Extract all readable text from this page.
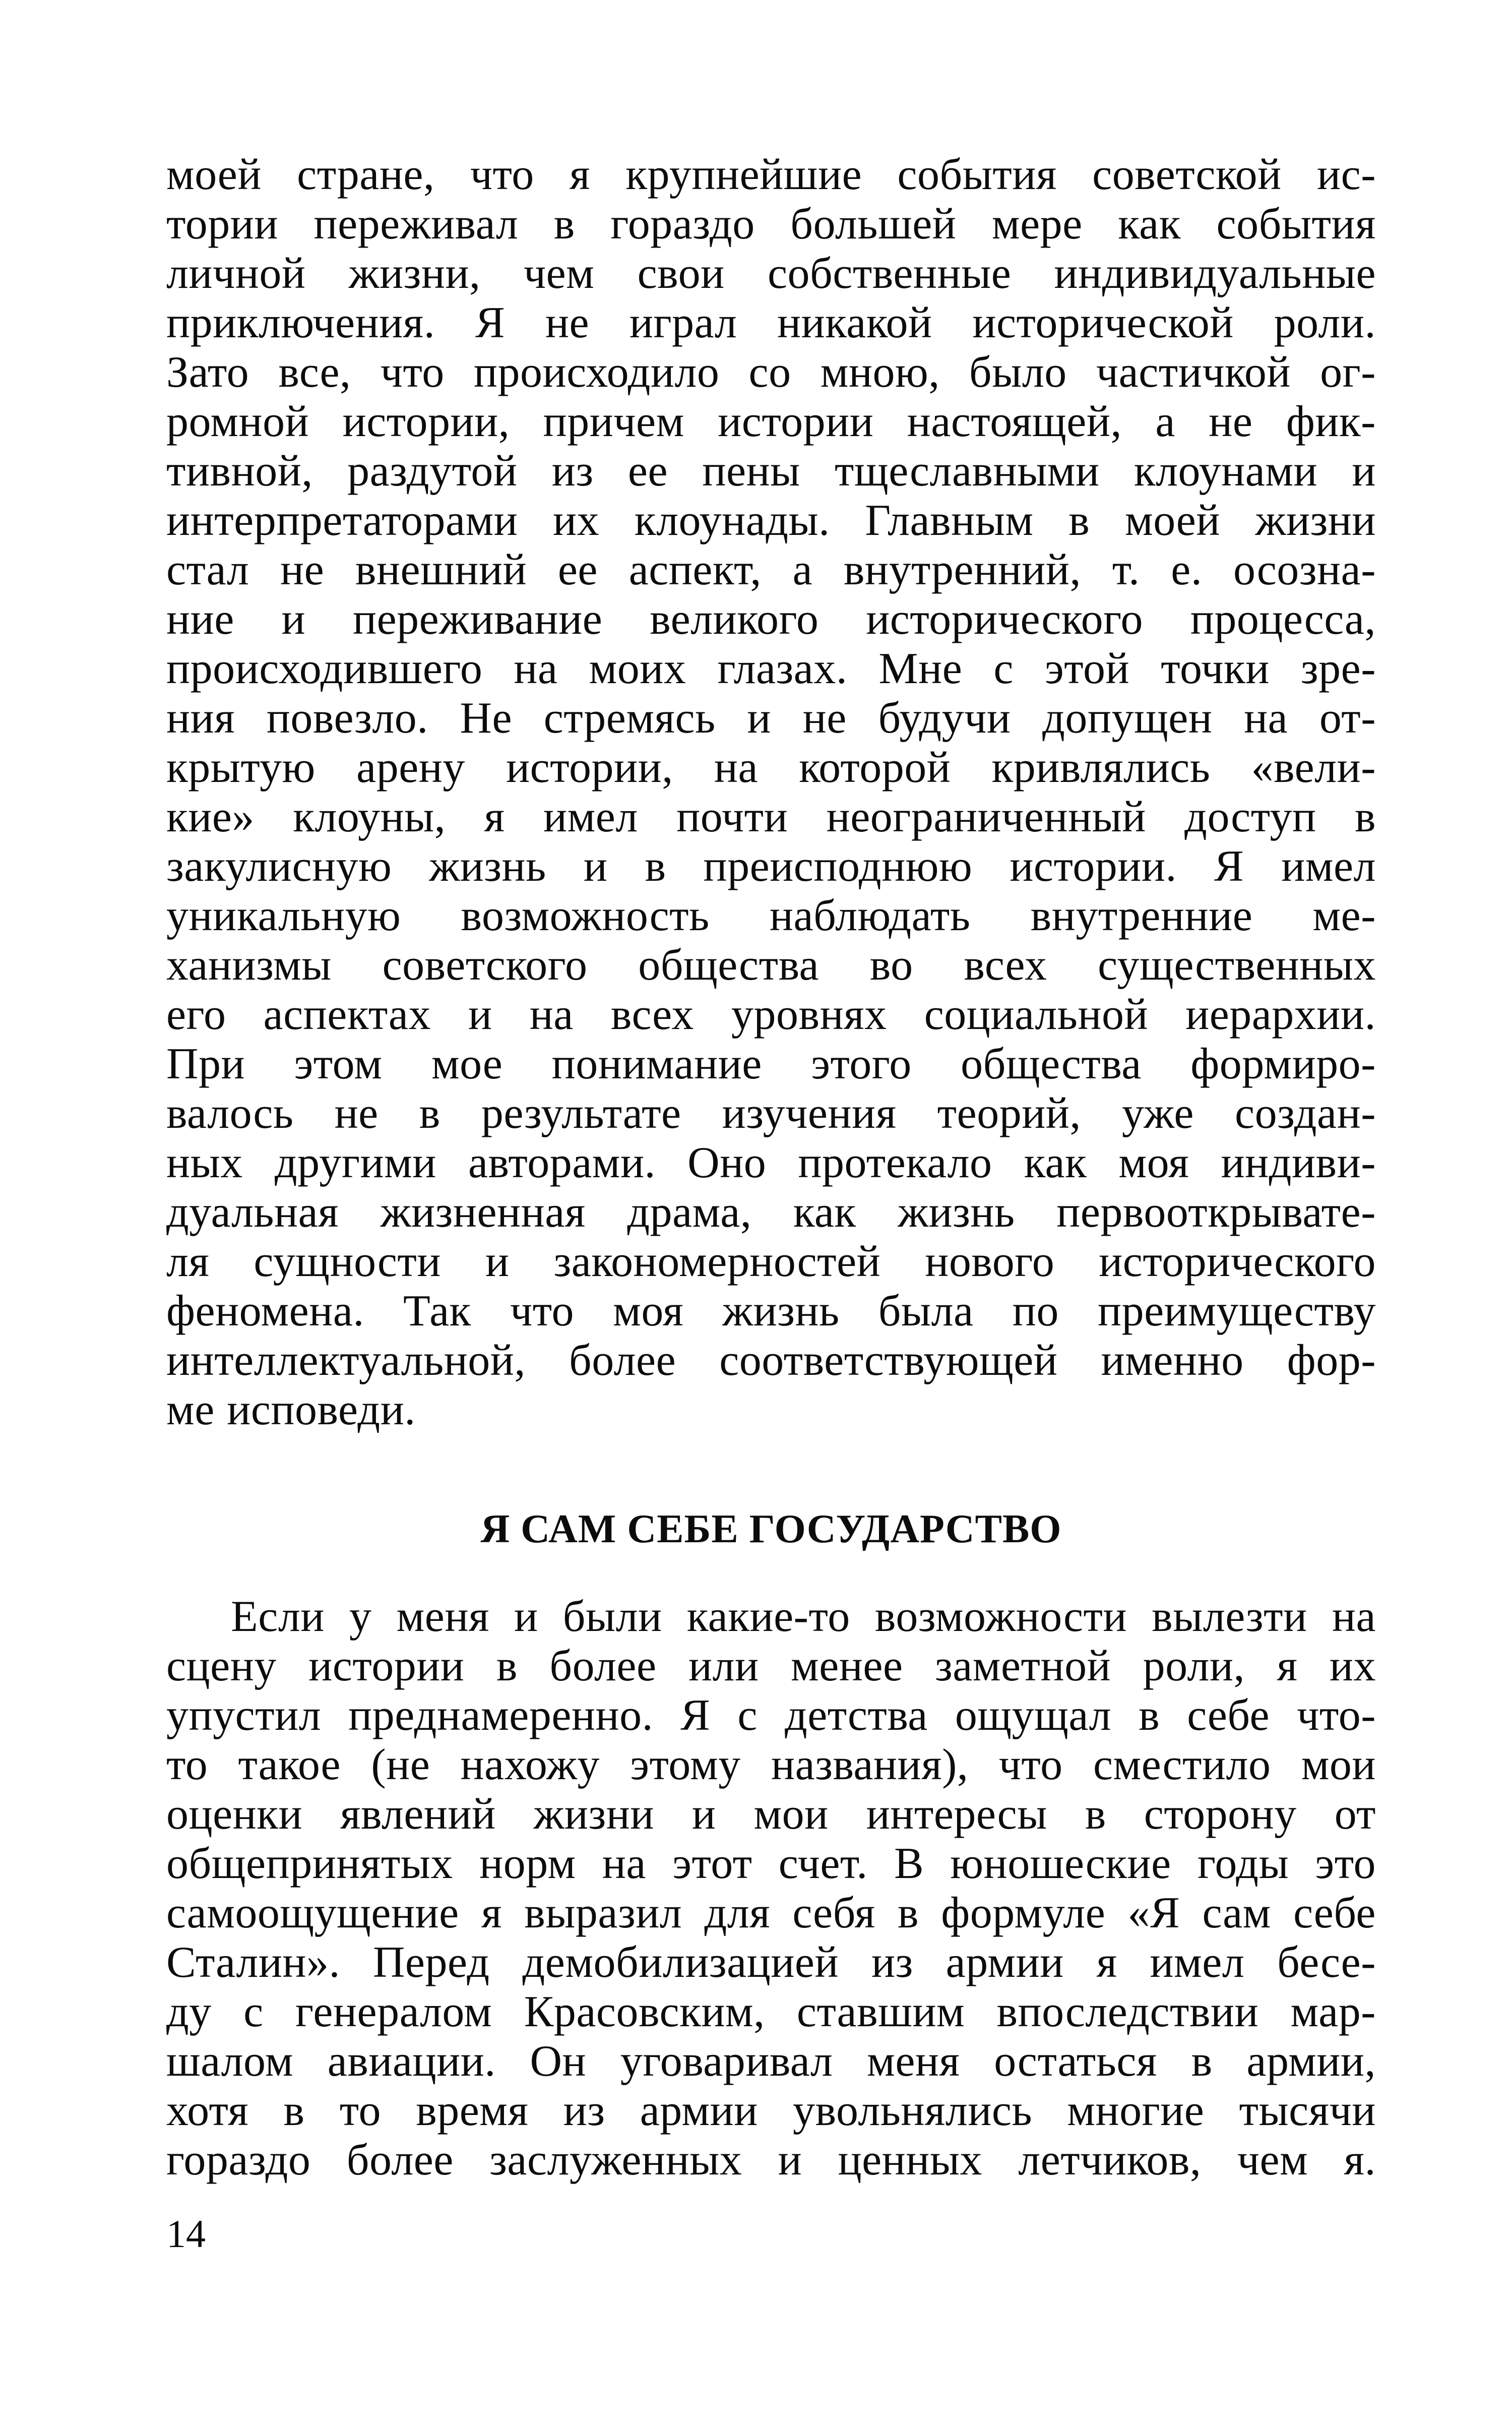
моей стране, что я крупнейшие события советской ис-
тории переживал в гораздо большей мере как события
личной жизни, чем свои собственные индивидуальные
приключения. Я не играл никакой исторической роли.
Зато все, что происходило со мною, было частичкой ог-
ромной истории, причем истории настоящей, а не фик-
тивной, раздутой из ее пены тщеславными клоунами и
интерпретаторами их клоунады. Главным в моей жизни
стал не внешний ее аспект, а внутренний, т. е. осозна-
ние и переживание великого исторического процесса,
происходившего на моих глазах. Мне с этой точки зре-
ния повезло. Не стремясь и не будучи допущен на от-
крытую арену истории, на которой кривлялись «вели-
кие» клоуны, я имел почти неограниченный доступ в
закулисную жизнь и в преисподнюю истории. Я имел
уникальную возможность наблюдать внутренние ме-
ханизмы советского общества во всех существенных
его аспектах и на всех уровнях социальной иерархии.
При этом мое понимание этого общества формиро-
валось не в результате изучения теорий, уже создан-
ных другими авторами. Оно протекало как моя индиви-
дуальная жизненная драма, как жизнь первооткрывате-
ля сущности и закономерностей нового исторического
феномена. Так что моя жизнь была по преимуществу
интеллектуальной, более соответствующей именно фор-
ме исповеди.
Я САМ СЕБЕ ГОСУДАРСТВО
Если у меня и были какие-то возможности вылезти на
сцену истории в более или менее заметной роли, я их
упустил преднамеренно. Я с детства ощущал в себе что-
то такое (не нахожу этому названия), что сместило мои
оценки явлений жизни и мои интересы в сторону от
общепринятых норм на этот счет. В юношеские годы это
самоощущение я выразил для себя в формуле «Я сам себе
Сталин». Перед демобилизацией из армии я имел бесе-
ду с генералом Красовским, ставшим впоследствии мар-
шалом авиации. Он уговаривал меня остаться в армии,
хотя в то время из армии увольнялись многие тысячи
гораздо более заслуженных и ценных летчиков, чем я.
14
